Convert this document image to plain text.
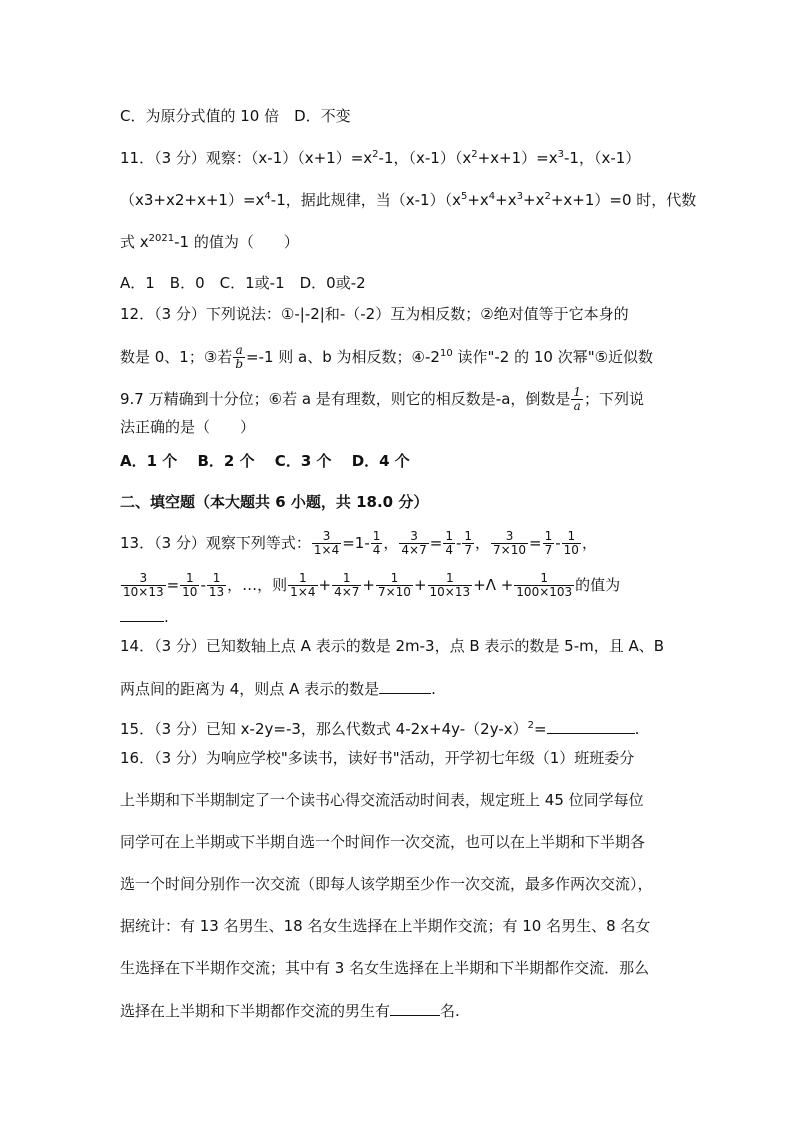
C．为原分式值的 10 倍　D．不变
11．（3 分）观察：$(x-1)(x+1)=x^2-1$，$(x-1)(x^2+x+1)=x^3-1$，（x-1）
$(x3+x2+x+1)=x^4-1$，据此规律，当$(x-1)(x^5+x^4+x^3+x^2+x+1)=0$ 时，代数
式 $x^{2021}-1$ 的值为（　　）
A．1　B．0　C．1或-1　D．0或-2
12．（3 分）下列说法：①-|-2|和-（-2）互为相反数；②绝对值等于它本身的
数是 0、1；③若 $\frac{a}{b} =-1$ 则 a、b 为相反数；$④-2^{10}$ 读作"-2 的 10 次幂"⑤近似数
9.7 万精确到十分位；⑥若 a 是有理数，则它的相反数是-a，倒数是 $\frac{1}{a}$ ；下列说
法正确的是（　　）
A．1 个　 B．2 个　 C．3 个　 D．4 个
二、填空题（本大题共 6 小题，共 18.0 分）
13．（3 分）观察下列等式： $\frac{3}{1\times 4} =1- \frac{1}{4}$ ， $\frac{3}{4\times 7} = \frac{1}{4} - \frac{1}{7}$ ， $\frac{3}{7\times 10} = \frac{1}{7} - \frac{1}{10}$ ，
$\frac{3}{10\times 13} = \frac{1}{10} - \frac{1}{13}$ ，…，则 $\frac{1}{1\times 4} + \frac{1}{4\times 7} + \frac{1}{7\times 10} + \frac{1}{10\times 13} +\Lambda + \frac{1}{100\times 103}$ 的值为
.
14．（3 分）已知数轴上点 A 表示的数是 2m-3，点 B 表示的数是 5-m，且 A、B
两点间的距离为 4，则点 A 表示的数是	.
15．（3 分）已知 x-2y=-3，那么代数式 $4-2x+4y-(2y-x)^2=$	.
16．（3 分）为响应学校"多读书，读好书"活动，开学初七年级（1）班班委分
上半期和下半期制定了一个读书心得交流活动时间表，规定班上 45 位同学每位
同学可在上半期或下半期自选一个时间作一次交流，也可以在上半期和下半期各
选一个时间分别作一次交流（即每人该学期至少作一次交流，最多作两次交流），
据统计：有 13 名男生、18 名女生选择在上半期作交流；有 10 名男生、8 名女
生选择在下半期作交流；其中有 3 名女生选择在上半期和下半期都作交流．那么
选择在上半期和下半期都作交流的男生有	名.
